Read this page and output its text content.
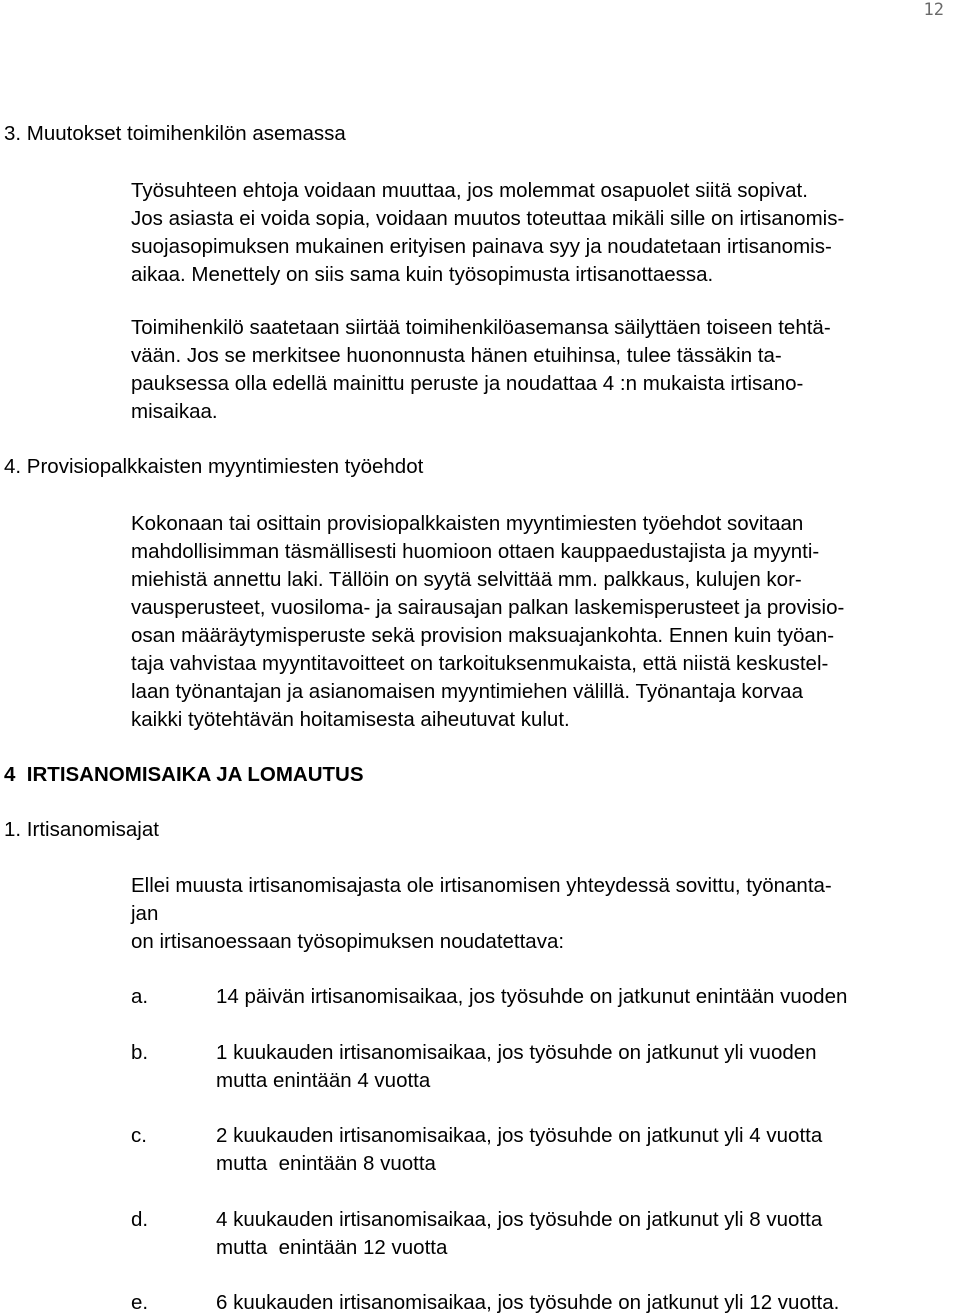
12
3. Muutokset toimihenkilön asemassa
Työsuhteen ehtoja voidaan muuttaa, jos molemmat osapuolet siitä sopivat.
Jos asiasta ei voida sopia, voidaan muutos toteuttaa mikäli sille on irtisanomis-
suojasopimuksen mukainen erityisen painava syy ja noudatetaan irtisanomis-
aikaa. Menettely on siis sama kuin työsopimusta irtisanottaessa.
Toimihenkilö saatetaan siirtää toimihenkilöasemansa säilyttäen toiseen tehtä-
vään. Jos se merkitsee huononnusta hänen etuihinsa, tulee tässäkin ta-
pauksessa olla edellä mainittu peruste ja noudattaa 4 :n mukaista irtisano-
misaikaa.
4. Provisiopalkkaisten myyntimiesten työehdot
Kokonaan tai osittain provisiopalkkaisten myyntimiesten työehdot sovitaan
mahdollisimman täsmällisesti huomioon ottaen kauppaedustajista ja myynti-
miehistä annettu laki. Tällöin on syytä selvittää mm. palkkaus, kulujen kor-
vausperusteet, vuosiloma- ja sairausajan palkan laskemisperusteet ja provisio-
osan määräytymisperuste sekä provision maksuajankohta. Ennen kuin työan-
taja vahvistaa myyntitavoitteet on tarkoituksenmukaista, että niistä keskustel-
laan työnantajan ja asianomaisen myyntimiehen välillä. Työnantaja korvaa
kaikki työtehtävän hoitamisesta aiheutuvat kulut.
4  IRTISANOMISAIKA JA LOMAUTUS
1. Irtisanomisajat
Ellei muusta irtisanomisajasta ole irtisanomisen yhteydessä sovittu, työnanta-
jan
on irtisanoessaan työsopimuksen noudatettava:
a.	14 päivän irtisanomisaikaa, jos työsuhde on jatkunut enintään vuoden
b.	1 kuukauden irtisanomisaikaa, jos työsuhde on jatkunut yli vuoden
mutta enintään 4 vuotta
c.	2 kuukauden irtisanomisaikaa, jos työsuhde on jatkunut yli 4 vuotta
mutta  enintään 8 vuotta
d.	4 kuukauden irtisanomisaikaa, jos työsuhde on jatkunut yli 8 vuotta
mutta  enintään 12 vuotta
e.	6 kuukauden irtisanomisaikaa, jos työsuhde on jatkunut yli 12 vuotta.
